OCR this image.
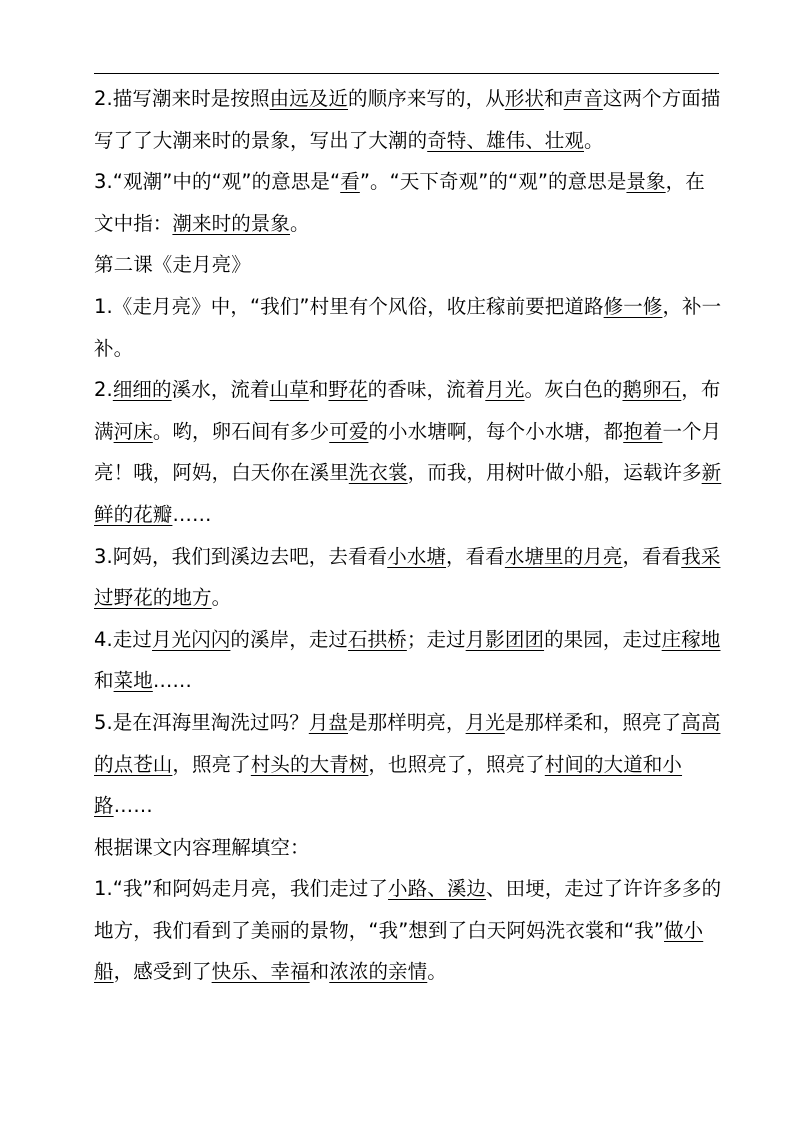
2.描写潮来时是按照由远及近的顺序来写的，从形状和声音这两个方面描写了了大潮来时的景象，写出了大潮的奇特、雄伟、壮观。

3.“观潮”中的“观”的意思是“看”。“天下奇观”的“观”的意思是景象，在文中指：潮来时的景象。

第二课《走月亮》

1.《走月亮》中，“我们”村里有个风俗，收庄稼前要把道路修一修，补一补。

2.细细的溪水，流着山草和野花的香味，流着月光。灰白色的鹅卵石，布满河床。哟，卵石间有多少可爱的小水塘啊，每个小水塘，都抱着一个月亮！哦，阿妈，白天你在溪里洗衣裳，而我，用树叶做小船，运载许多新鲜的花瓣……

3.阿妈，我们到溪边去吧，去看看小水塘，看看水塘里的月亮，看看我采过野花的地方。

4.走过月光闪闪的溪岸，走过石拱桥；走过月影团团的果园，走过庄稼地和菜地……

5.是在洱海里淘洗过吗？月盘是那样明亮，月光是那样柔和，照亮了高高的点苍山，照亮了村头的大青树，也照亮了，照亮了村间的大道和小路……

根据课文内容理解填空：

1.“我”和阿妈走月亮，我们走过了小路、溪边、田埂，走过了许许多多的地方，我们看到了美丽的景物，“我”想到了白天阿妈洗衣裳和“我”做小船，感受到了快乐、幸福和浓浓的亲情。
